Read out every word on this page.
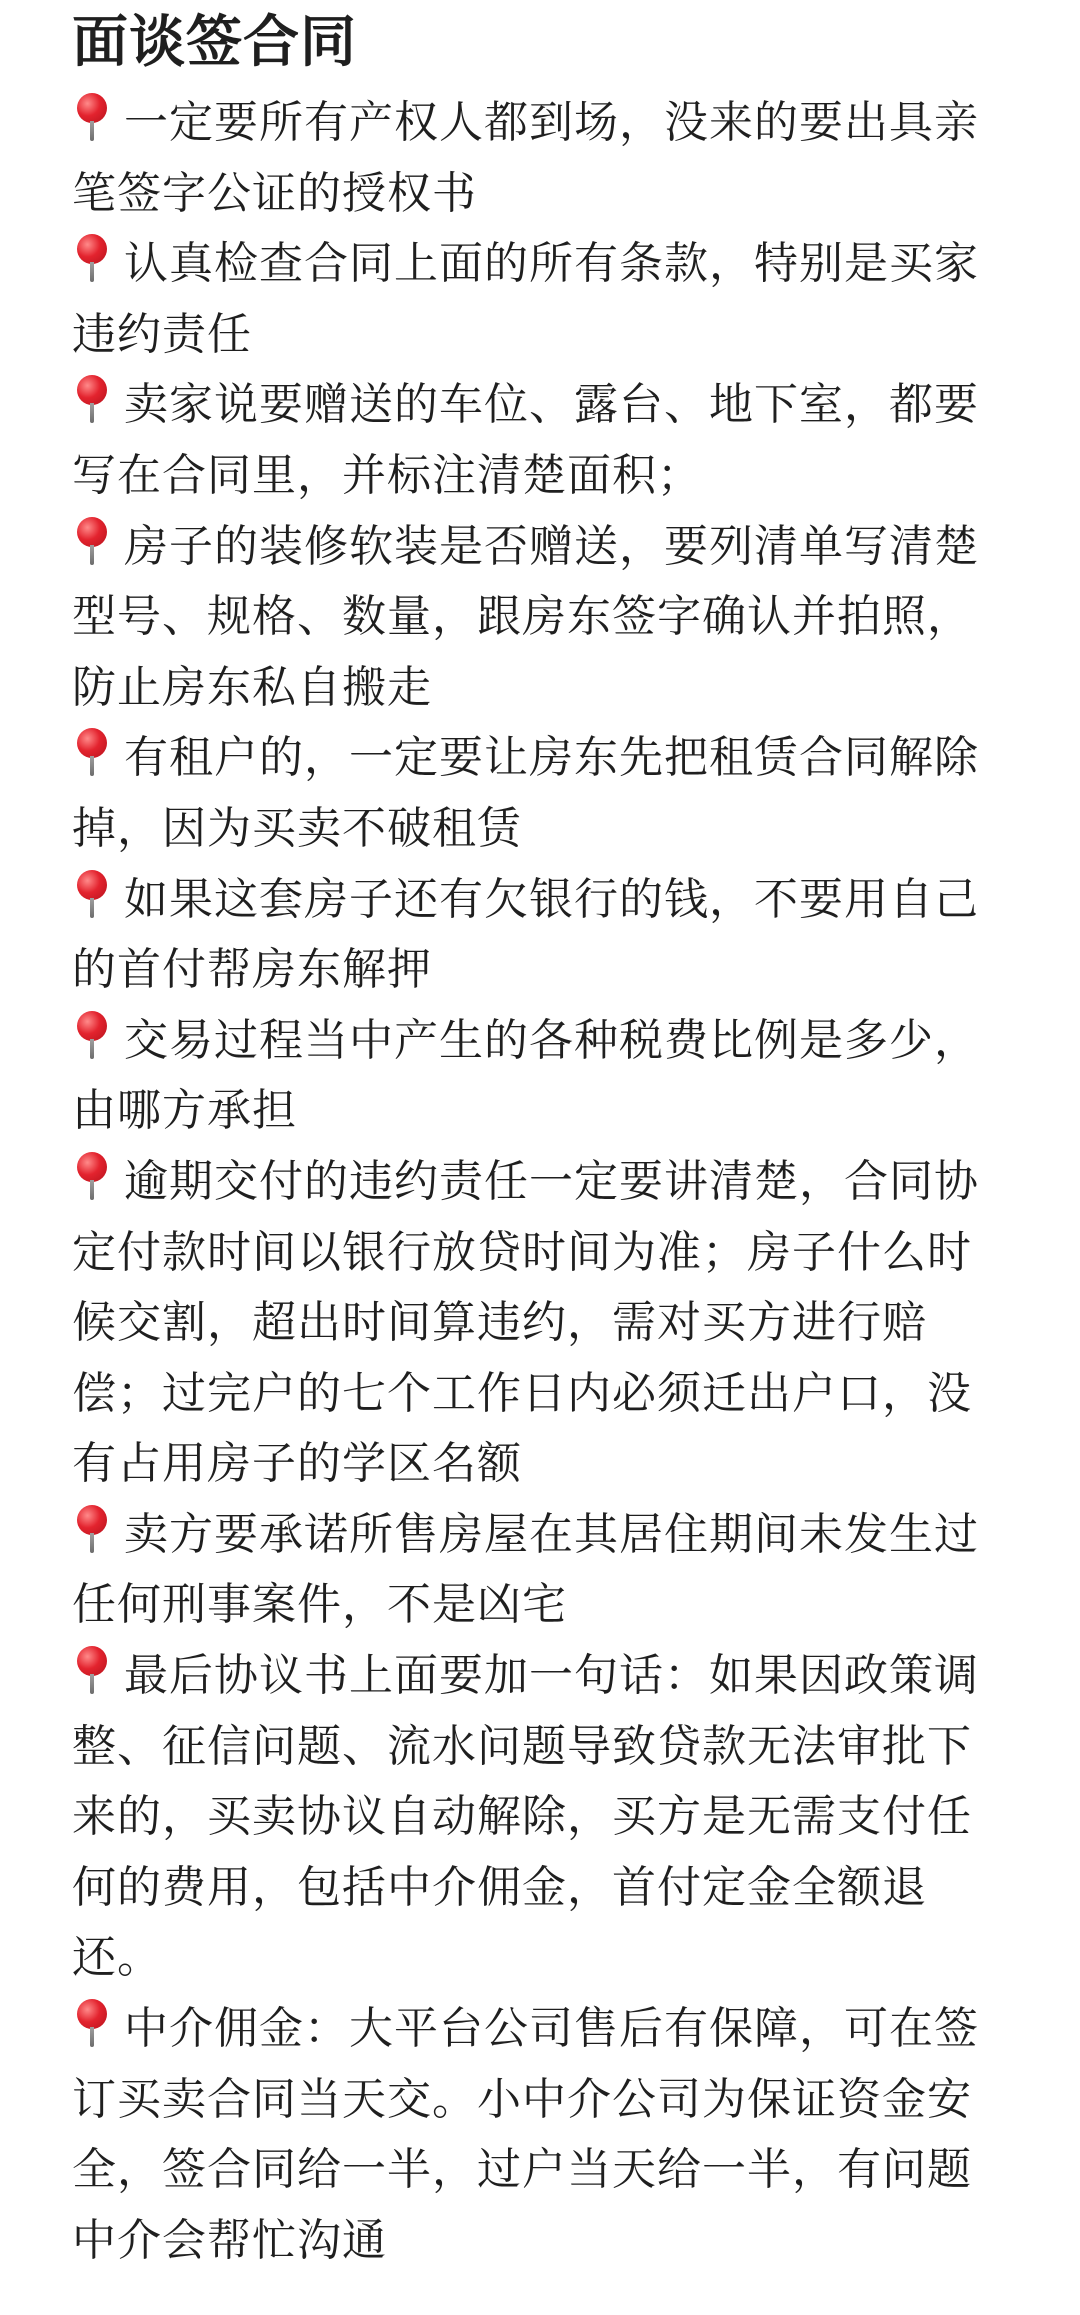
面谈签合同

一定要所有产权人都到场，没来的要出具亲笔签字公证的授权书

认真检查合同上面的所有条款，特别是买家违约责任

卖家说要赠送的车位、露台、地下室，都要写在合同里，并标注清楚面积；

房子的装修软装是否赠送，要列清单写清楚型号、规格、数量，跟房东签字确认并拍照，防止房东私自搬走

有租户的，一定要让房东先把租赁合同解除掉，因为买卖不破租赁

如果这套房子还有欠银行的钱，不要用自己的首付帮房东解押

交易过程当中产生的各种税费比例是多少，由哪方承担

逾期交付的违约责任一定要讲清楚，合同协定付款时间以银行放贷时间为准；房子什么时候交割，超出时间算违约，需对买方进行赔偿；过完户的七个工作日内必须迁出户口，没有占用房子的学区名额

卖方要承诺所售房屋在其居住期间未发生过任何刑事案件，不是凶宅

最后协议书上面要加一句话：如果因政策调整、征信问题、流水问题导致贷款无法审批下来的，买卖协议自动解除，买方是无需支付任何的费用，包括中介佣金，首付定金全额退还。

中介佣金：大平台公司售后有保障，可在签订买卖合同当天交。小中介公司为保证资金安全，签合同给一半，过户当天给一半，有问题中介会帮忙沟通
